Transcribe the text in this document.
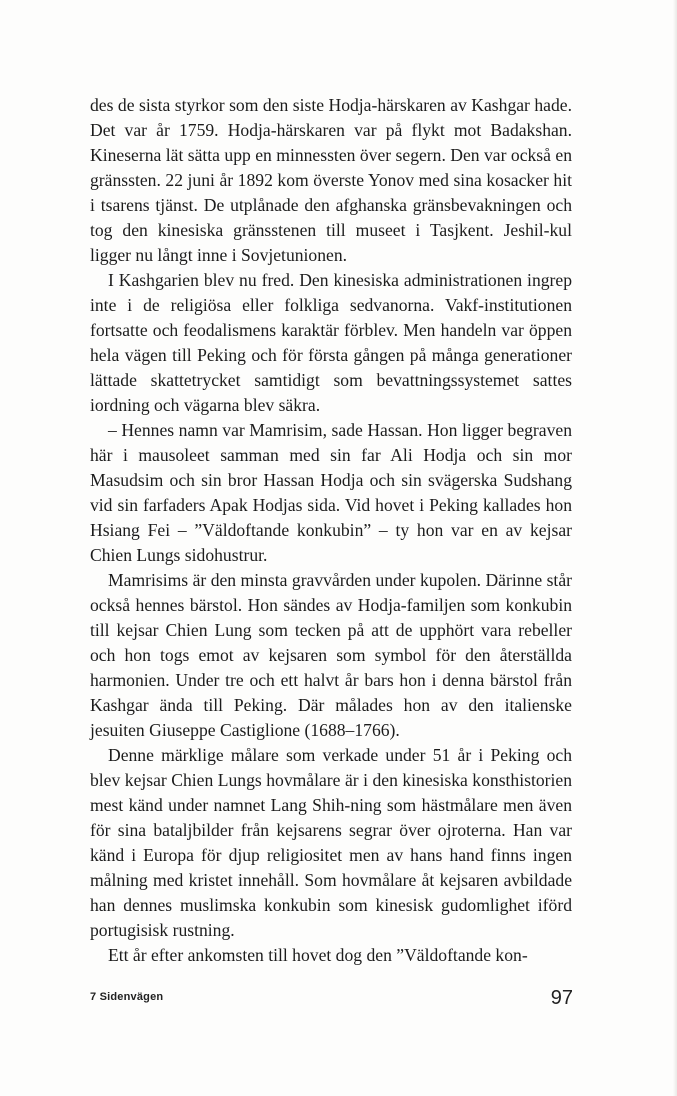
des de sista styrkor som den siste Hodja-härskaren av Kashgar hade. Det var år 1759. Hodja-härskaren var på flykt mot Badakshan. Kineserna lät sätta upp en minnessten över segern. Den var också en gränssten. 22 juni år 1892 kom överste Yonov med sina kosacker hit i tsarens tjänst. De utplånade den afghanska gränsbevakningen och tog den kinesiska gränsstenen till museet i Tasjkent. Jeshil-kul ligger nu långt inne i Sovjetunionen.

I Kashgarien blev nu fred. Den kinesiska administrationen ingrep inte i de religiösa eller folkliga sedvanorna. Vakf-institutionen fortsatte och feodalismens karaktär förblev. Men handeln var öppen hela vägen till Peking och för första gången på många generationer lättade skattetrycket samtidigt som bevattningssystemet sattes iordning och vägarna blev säkra.

– Hennes namn var Mamrisim, sade Hassan. Hon ligger begraven här i mausoleet samman med sin far Ali Hodja och sin mor Masudsim och sin bror Hassan Hodja och sin svägerska Sudshang vid sin farfaders Apak Hodjas sida. Vid hovet i Peking kallades hon Hsiang Fei – ”Väldoftande konkubin” – ty hon var en av kejsar Chien Lungs sidohustrur.

Mamrisims är den minsta gravvården under kupolen. Därinne står också hennes bärstol. Hon sändes av Hodja-familjen som konkubin till kejsar Chien Lung som tecken på att de upphört vara rebeller och hon togs emot av kejsaren som symbol för den återställda harmonien. Under tre och ett halvt år bars hon i denna bärstol från Kashgar ända till Peking. Där målades hon av den italienske jesuiten Giuseppe Castiglione (1688–1766).

Denne märklige målare som verkade under 51 år i Peking och blev kejsar Chien Lungs hovmålare är i den kinesiska konsthistorien mest känd under namnet Lang Shih-ning som hästmålare men även för sina bataljbilder från kejsarens segrar över ojroterna. Han var känd i Europa för djup religiositet men av hans hand finns ingen målning med kristet innehåll. Som hovmålare åt kejsaren avbildade han dennes muslimska konkubin som kinesisk gudomlighet iförd portugisisk rustning.

Ett år efter ankomsten till hovet dog den ”Väldoftande kon-

7 Sidenvägen	97
